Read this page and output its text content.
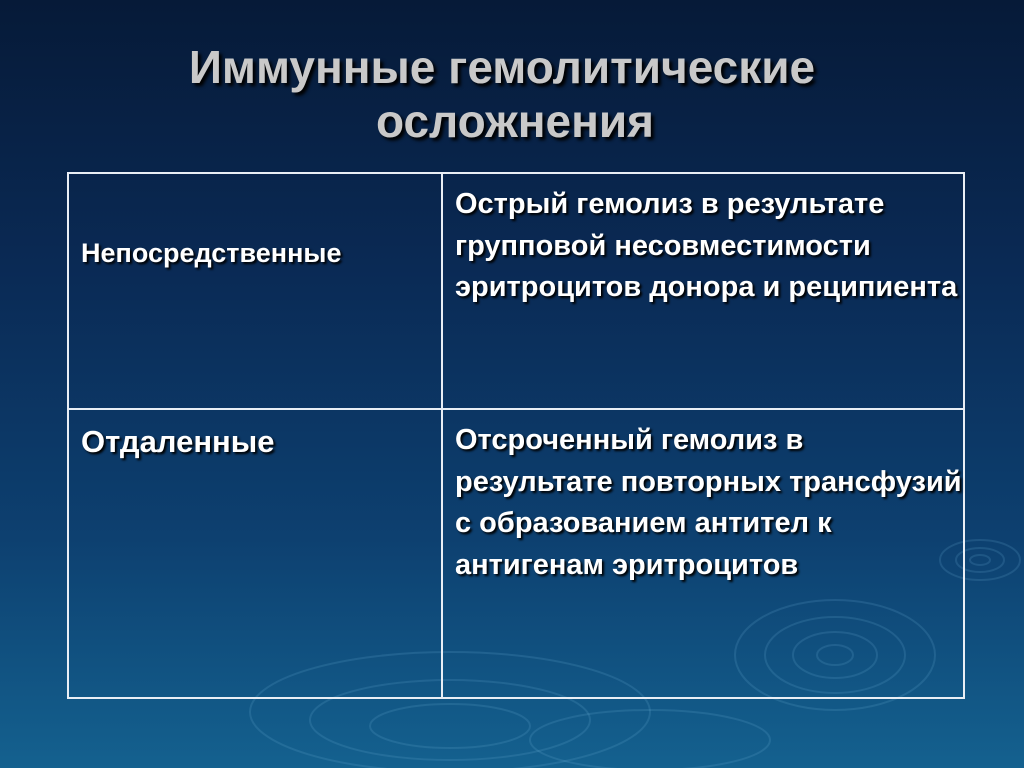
Иммунные гемолитические
осложнения
Непосредственные	Острый гемолиз в результате групповой несовместимости эритроцитов донора и реципиента
Отдаленные	Отсроченный гемолиз в результате повторных трансфузий с образованием антител к антигенам эритроцитов
